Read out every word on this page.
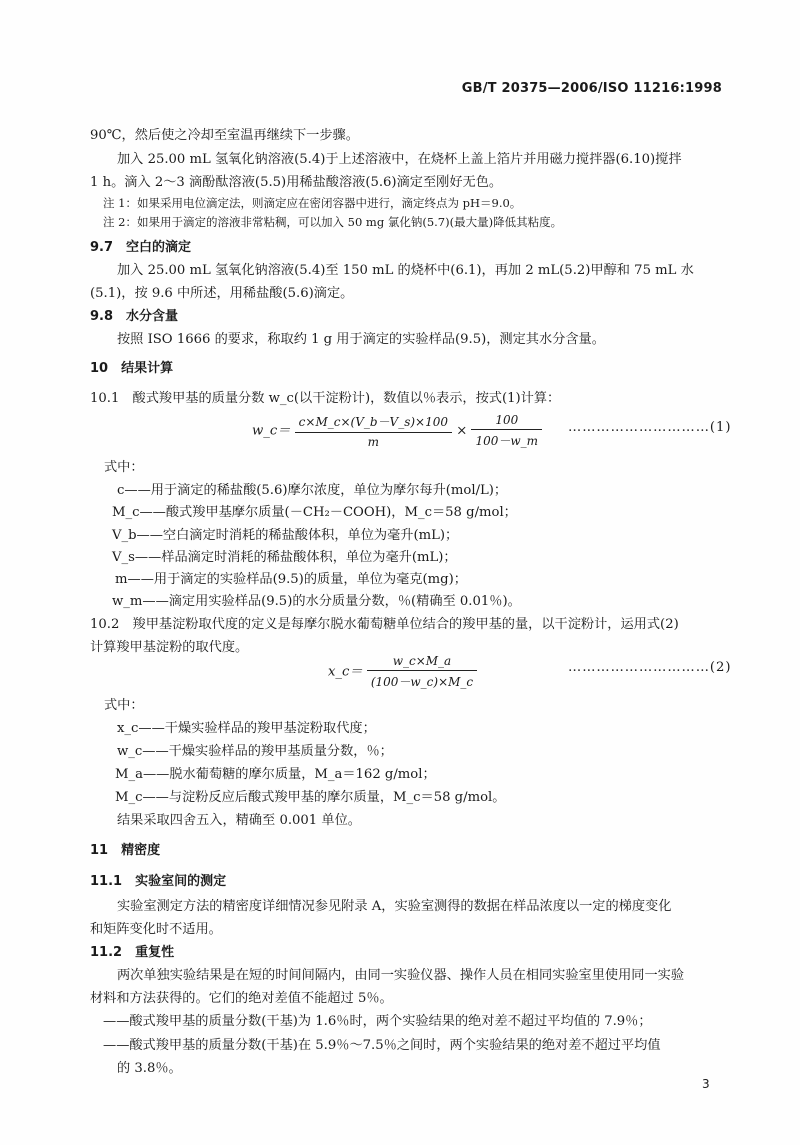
GB/T 20375—2006/ISO 11216:1998
90℃，然后使之冷却至室温再继续下一步骤。
加入 25.00 mL 氢氧化钠溶液(5.4)于上述溶液中，在烧杯上盖上箔片并用磁力搅拌器(6.10)搅拌
1 h。滴入 2～3 滴酚酞溶液(5.5)用稀盐酸溶液(5.6)滴定至刚好无色。
注 1：如果采用电位滴定法，则滴定应在密闭容器中进行，滴定终点为 pH＝9.0。
注 2：如果用于滴定的溶液非常粘稠，可以加入 50 mg 氯化钠(5.7)(最大量)降低其粘度。
9.7　空白的滴定
加入 25.00 mL 氢氧化钠溶液(5.4)至 150 mL 的烧杯中(6.1)，再加 2 mL(5.2)甲醇和 75 mL 水
(5.1)，按 9.6 中所述，用稀盐酸(5.6)滴定。
9.8　水分含量
按照 ISO 1666 的要求，称取约 1 g 用于滴定的实验样品(9.5)，测定其水分含量。
10　结果计算
10.1　酸式羧甲基的质量分数 w_c(以干淀粉计)，数值以％表示，按式(1)计算：
w_c＝ $\frac{c\times M\_c\times(V\_b-V\_s)\times 100}{m} \times \frac{100}{100-w\_m}$ …………………………(1)
式中：
c——用于滴定的稀盐酸(5.6)摩尔浓度，单位为摩尔每升(mol/L)；
M_c——酸式羧甲基摩尔质量(－CH₂－COOH)，M_c＝58 g/mol；
V_b——空白滴定时消耗的稀盐酸体积，单位为毫升(mL)；
V_s——样品滴定时消耗的稀盐酸体积，单位为毫升(mL)；
m——用于滴定的实验样品(9.5)的质量，单位为毫克(mg)；
w_m——滴定用实验样品(9.5)的水分质量分数，％(精确至 0.01％)。
10.2　羧甲基淀粉取代度的定义是每摩尔脱水葡萄糖单位结合的羧甲基的量，以干淀粉计，运用式(2)
计算羧甲基淀粉的取代度。
x_c＝ $\frac{w\_c\times M\_a}{(100-w\_c)\times M\_c}$	…………………………(2)
式中：
x_c——干燥实验样品的羧甲基淀粉取代度；
w_c——干燥实验样品的羧甲基质量分数，％；
M_a——脱水葡萄糖的摩尔质量，M_a＝162 g/mol；
M_c——与淀粉反应后酸式羧甲基的摩尔质量，M_c＝58 g/mol。
结果采取四舍五入，精确至 0.001 单位。
11　精密度
11.1　实验室间的测定
实验室测定方法的精密度详细情况参见附录 A，实验室测得的数据在样品浓度以一定的梯度变化
和矩阵变化时不适用。
11.2　重复性
两次单独实验结果是在短的时间间隔内，由同一实验仪器、操作人员在相同实验室里使用同一实验
材料和方法获得的。它们的绝对差值不能超过 5％。
——酸式羧甲基的质量分数(干基)为 1.6％时，两个实验结果的绝对差不超过平均值的 7.9％；
——酸式羧甲基的质量分数(干基)在 5.9％～7.5％之间时，两个实验结果的绝对差不超过平均值
的 3.8％。
3
